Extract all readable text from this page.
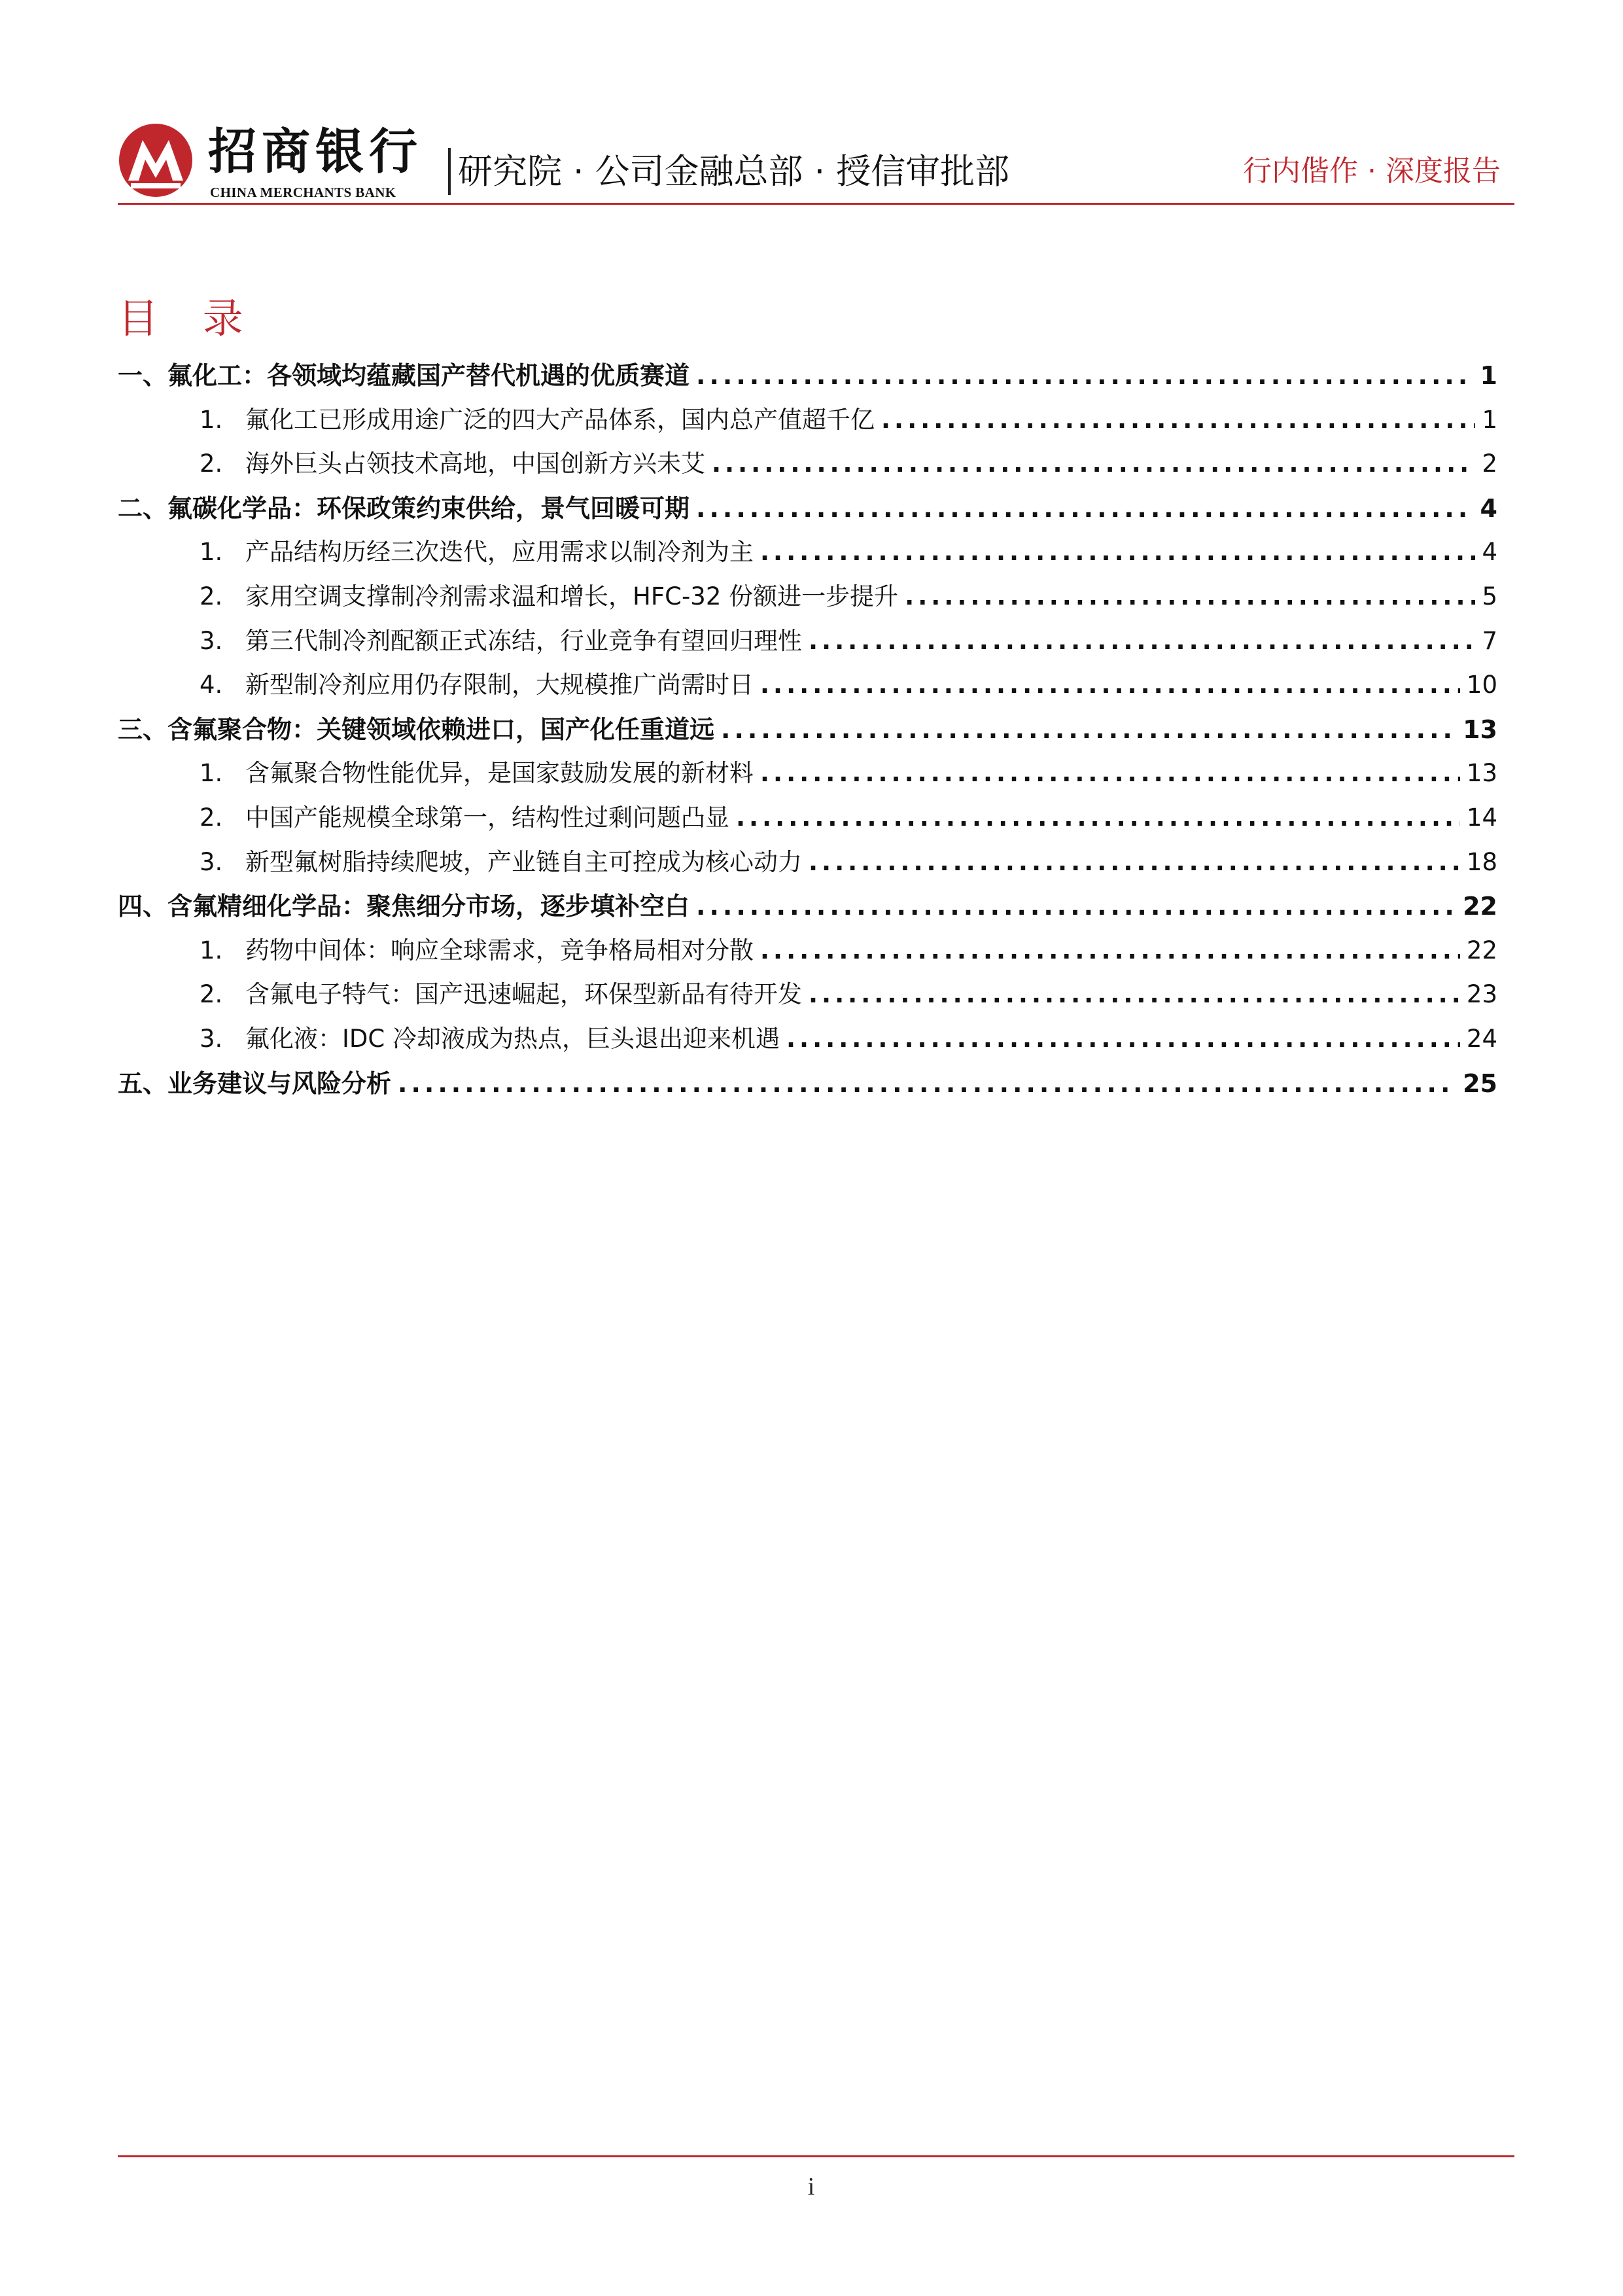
招商银行
CHINA MERCHANTS BANK
研究院 · 公司金融总部 · 授信审批部	行内偕作 · 深度报告
目 录
一、氟化工：各领域均蕴藏国产替代机遇的优质赛道 .....	1
1. 氟化工已形成用途广泛的四大产品体系，国内总产值超千亿 .....	1
2. 海外巨头占领技术高地，中国创新方兴未艾 .....	2
二、氟碳化学品：环保政策约束供给，景气回暖可期 .....	4
1. 产品结构历经三次迭代，应用需求以制冷剂为主 .....	4
2. 家用空调支撑制冷剂需求温和增长，HFC-32 份额进一步提升 .....	5
3. 第三代制冷剂配额正式冻结，行业竞争有望回归理性 .....	7
4. 新型制冷剂应用仍存限制，大规模推广尚需时日 .....	10
三、含氟聚合物：关键领域依赖进口，国产化任重道远 .....	13
1. 含氟聚合物性能优异，是国家鼓励发展的新材料 .....	13
2. 中国产能规模全球第一，结构性过剩问题凸显 .....	14
3. 新型氟树脂持续爬坡，产业链自主可控成为核心动力 .....	18
四、含氟精细化学品：聚焦细分市场，逐步填补空白 .....	22
1. 药物中间体：响应全球需求，竞争格局相对分散 .....	22
2. 含氟电子特气：国产迅速崛起，环保型新品有待开发 .....	23
3. 氟化液：IDC 冷却液成为热点，巨头退出迎来机遇 .....	24
五、业务建议与风险分析 .....	25
i
